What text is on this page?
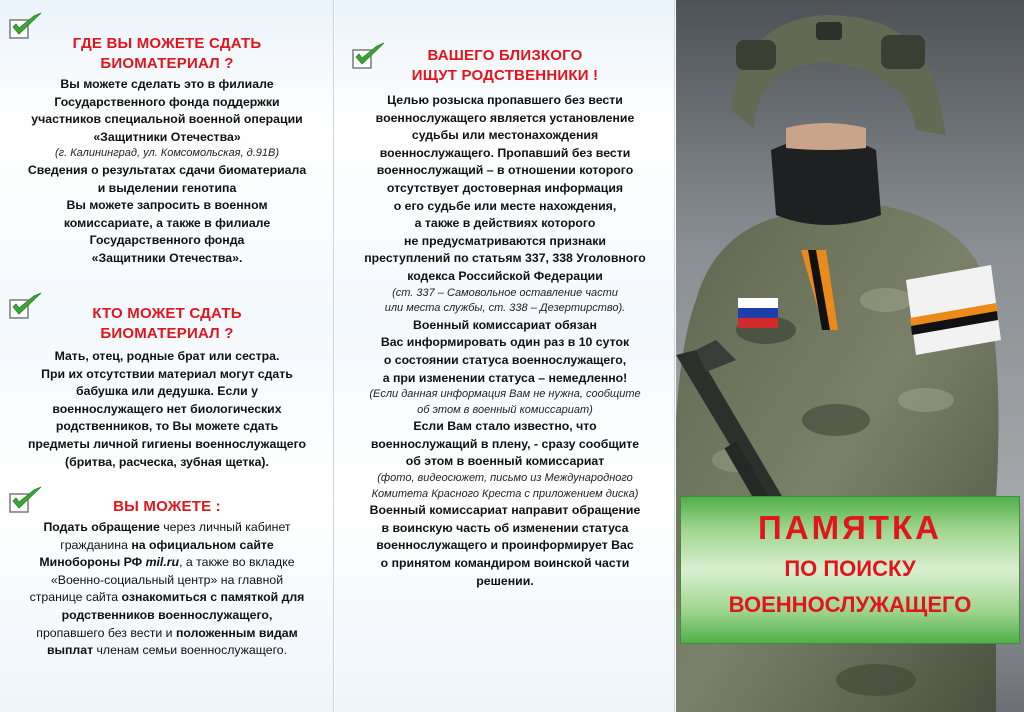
ГДЕ ВЫ МОЖЕТЕ СДАТЬ

БИОМАТЕРИАЛ ?

Вы можете сделать это в филиале

Государственного фонда поддержки

участников специальной военной операции

«Защитники Отечества»

(г. Калининград, ул. Комсомольская, д.91В)

Сведения о результатах сдачи биоматериала

и выделении генотипа

Вы можете запросить в военном

комиссариате, а также в филиале

Государственного фонда

«Защитники Отечества».

КТО МОЖЕТ СДАТЬ

БИОМАТЕРИАЛ ?

Мать, отец, родные брат или сестра.

При их отсутствии материал могут сдать

бабушка или дедушка. Если у

военнослужащего нет биологических

родственников, то Вы можете сдать

предметы личной гигиены военнослужащего

(бритва, расческа, зубная щетка).

ВЫ МОЖЕТЕ :

Подать обращение через личный кабинет

гражданина на официальном сайте

Минобороны РФ mil.ru, а также во вкладке

«Военно-социальный центр» на главной

странице сайта ознакомиться с памяткой для

родственников военнослужащего,

пропавшего без вести и положенным видам

выплат членам семьи военнослужащего.

ВАШЕГО БЛИЗКОГО

ИЩУТ РОДСТВЕННИКИ !

Целью розыска пропавшего без вести

военнослужащего является установление

судьбы или местонахождения

военнослужащего. Пропавший без вести

военнослужащий – в отношении которого

отсутствует достоверная информация

о его судьбе или месте нахождения,

а также в действиях которого

не предусматриваются признаки

преступлений по статьям 337, 338 Уголовного

кодекса Российской Федерации

(ст. 337 – Самовольное оставление части

или места службы, ст. 338 – Дезертирство).

Военный комиссариат обязан

Вас информировать один раз в 10 суток

о состоянии статуса военнослужащего,

а при изменении статуса – немедленно!

(Если данная информация Вам не нужна, сообщите

об этом в военный комиссариат)

Если Вам стало известно, что

военнослужащий в плену, - сразу сообщите

об этом в военный комиссариат

(фото, видеосюжет, письмо из Международного

Комитета Красного Креста с приложением диска)

Военный комиссариат направит обращение

в воинскую часть об изменении статуса

военнослужащего и проинформирует Вас

о принятом командиром воинской части

решении.

ПАМЯТКА
ПО ПОИСКУ
ВОЕННОСЛУЖАЩЕГО
